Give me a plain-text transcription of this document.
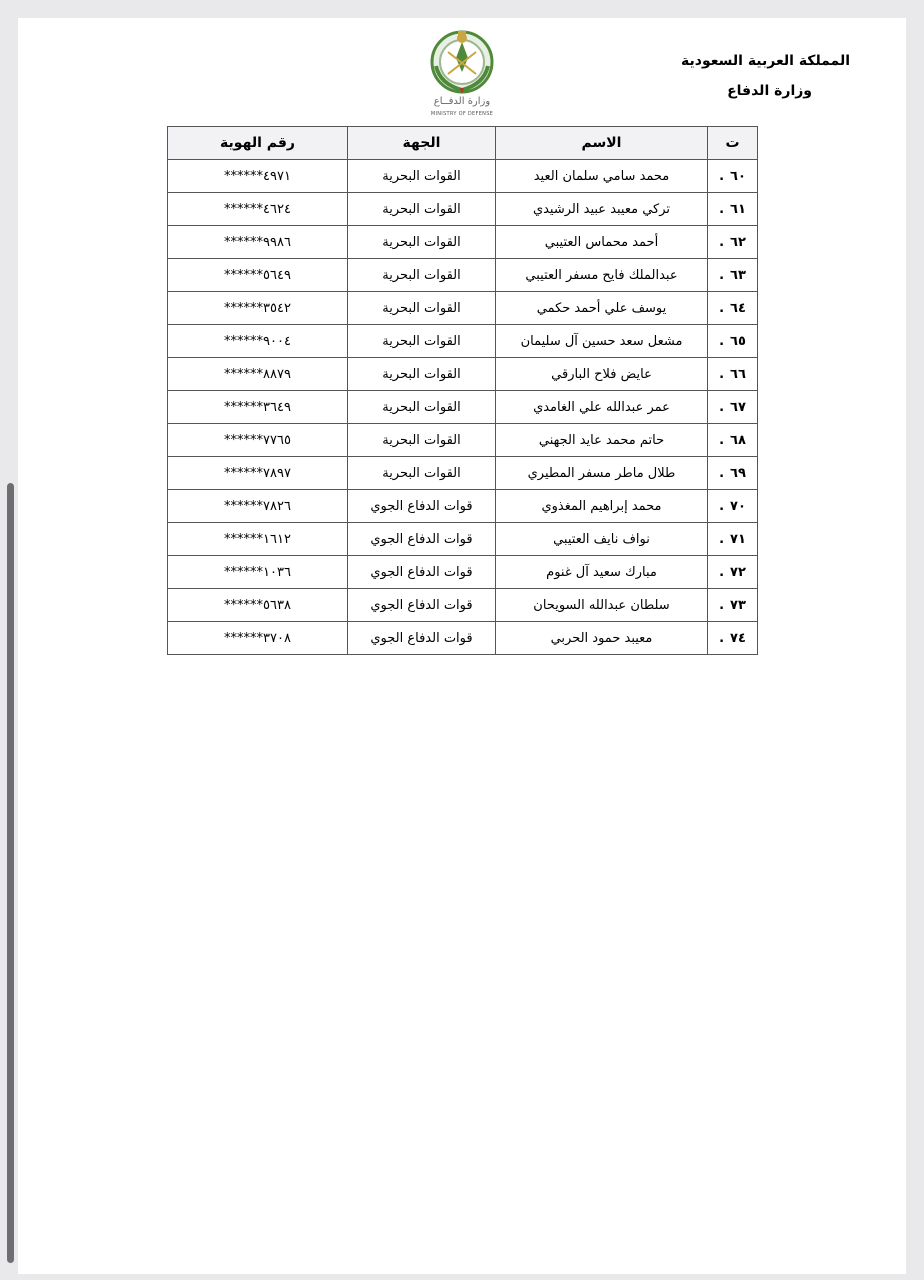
المملكة العربية السعودية
وزارة الدفاع
وزارة الدفــاع
MINISTRY OF DEFENSE
ت	الاسم	الجهة	رقم الهوية
٦٠.	محمد سامي سلمان العيد	القوات البحرية	٤٩٧١******
٦١.	تركي معيبد عبيد الرشيدي	القوات البحرية	٤٦٢٤******
٦٢.	أحمد محماس العتيبي	القوات البحرية	٩٩٨٦******
٦٣.	عبدالملك فايح مسفر العتيبي	القوات البحرية	٥٦٤٩******
٦٤.	يوسف علي أحمد حكمي	القوات البحرية	٣٥٤٢******
٦٥.	مشعل سعد حسين آل سليمان	القوات البحرية	٩٠٠٤******
٦٦.	عايض فلاح البارقي	القوات البحرية	٨٨٧٩******
٦٧.	عمر عبدالله علي الغامدي	القوات البحرية	٣٦٤٩******
٦٨.	حاتم محمد عايد الجهني	القوات البحرية	٧٧٦٥******
٦٩.	طلال ماطر مسفر المطيري	القوات البحرية	٧٨٩٧******
٧٠.	محمد إبراهيم المغذوي	قوات الدفاع الجوي	٧٨٢٦******
٧١.	نواف نايف العتيبي	قوات الدفاع الجوي	١٦١٢******
٧٢.	مبارك سعيد آل غنوم	قوات الدفاع الجوي	١٠٣٦******
٧٣.	سلطان عبدالله السويحان	قوات الدفاع الجوي	٥٦٣٨******
٧٤.	معيبد حمود الحربي	قوات الدفاع الجوي	٣٧٠٨******
